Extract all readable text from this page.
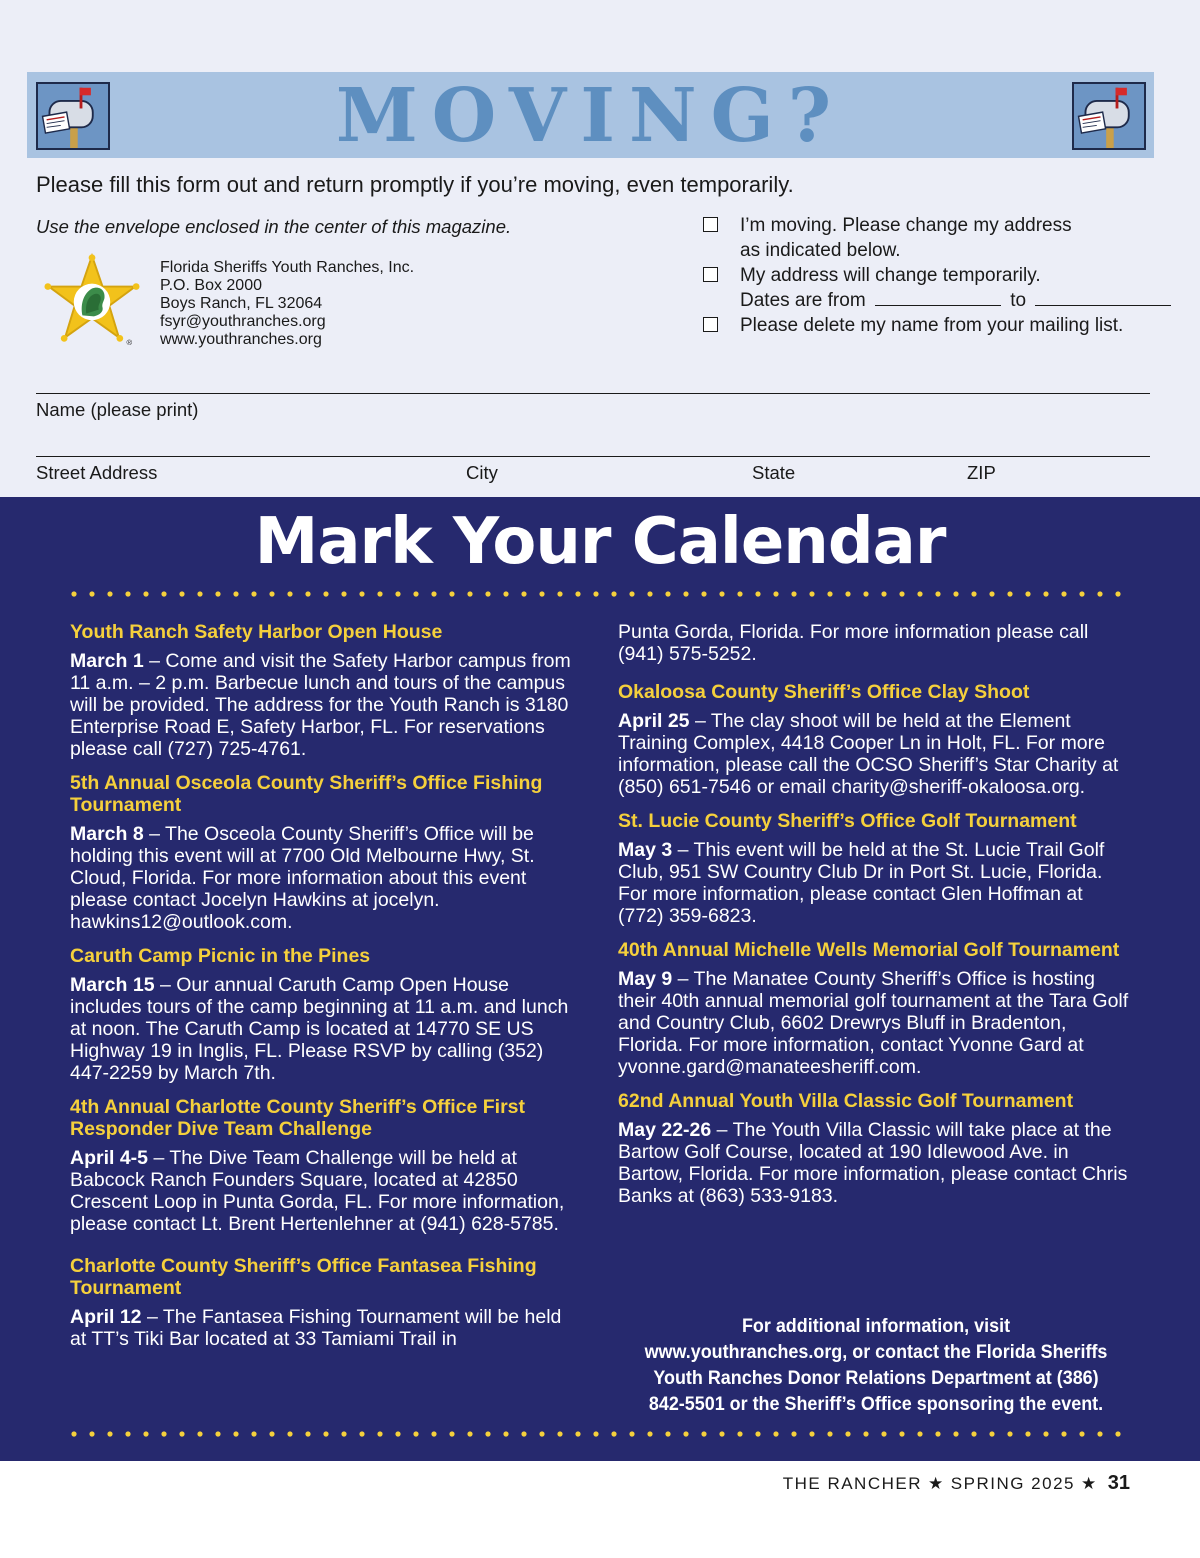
MOVING?
Please fill this form out and return promptly if you’re moving, even temporarily.
Use the envelope enclosed in the center of this magazine.
®
Florida Sheriffs Youth Ranches, Inc.
P.O. Box 2000
Boys Ranch, FL 32064
fsyr@youthranches.org
www.youthranches.org
I’m moving. Please change my address
as indicated below.
My address will change temporarily.
Dates are from	to
Please delete my name from your mailing list.
Name (please print)
Street Address	City	State	ZIP
Mark Your Calendar
Youth Ranch Safety Harbor Open House
March 1 – Come and visit the Safety Harbor campus from 11 a.m. – 2 p.m. Barbecue lunch and tours of the campus will be provided. The address for the Youth Ranch is 3180 Enterprise Road E, Safety Harbor, FL. For reservations please call (727) 725-4761.
5th Annual Osceola County Sheriff’s Office Fishing Tournament
March 8 – The Osceola County Sheriff’s Office will be holding this event will at 7700 Old Melbourne Hwy, St. Cloud, Florida. For more information about this event please contact Jocelyn Hawkins at jocelyn. hawkins12@outlook.com.
Caruth Camp Picnic in the Pines
March 15 – Our annual Caruth Camp Open House includes tours of the camp beginning at 11 a.m. and lunch at noon. The Caruth Camp is located at 14770 SE US Highway 19 in Inglis, FL. Please RSVP by calling (352) 447-2259 by March 7th.
4th Annual Charlotte County Sheriff’s Office First Responder Dive Team Challenge
April 4-5 – The Dive Team Challenge will be held at Babcock Ranch Founders Square, located at 42850 Crescent Loop in Punta Gorda, FL. For more information, please contact Lt. Brent Hertenlehner at (941) 628-5785.
Charlotte County Sheriff’s Office Fantasea Fishing Tournament
April 12 – The Fantasea Fishing Tournament will be held at TT’s Tiki Bar located at 33 Tamiami Trail in
Punta Gorda, Florida. For more information please call (941) 575-5252.
Okaloosa County Sheriff’s Office Clay Shoot
April 25 – The clay shoot will be held at the Element Training Complex, 4418 Cooper Ln in Holt, FL. For more information, please call the OCSO Sheriff’s Star Charity at (850) 651-7546 or email charity@sheriff-okaloosa.org.
St. Lucie County Sheriff’s Office Golf Tournament
May 3 – This event will be held at the St. Lucie Trail Golf Club, 951 SW Country Club Dr in Port St. Lucie, Florida. For more information, please contact Glen Hoffman at (772) 359-6823.
40th Annual Michelle Wells Memorial Golf Tournament
May 9 – The Manatee County Sheriff’s Office is hosting their 40th annual memorial golf tournament at the Tara Golf and Country Club, 6602 Drewrys Bluff in Bradenton, Florida. For more information, contact Yvonne Gard at yvonne.gard@manateesheriff.com.
62nd Annual Youth Villa Classic Golf Tournament
May 22-26 – The Youth Villa Classic will take place at the Bartow Golf Course, located at 190 Idlewood Ave. in Bartow, Florida. For more information, please contact Chris Banks at (863) 533-9183.
For additional information, visit www.youthranches.org, or contact the Florida Sheriffs Youth Ranches Donor Relations Department at (386) 842-5501 or the Sheriff’s Office sponsoring the event.
THE RANCHER ★ SPRING 2025 ★ 31
